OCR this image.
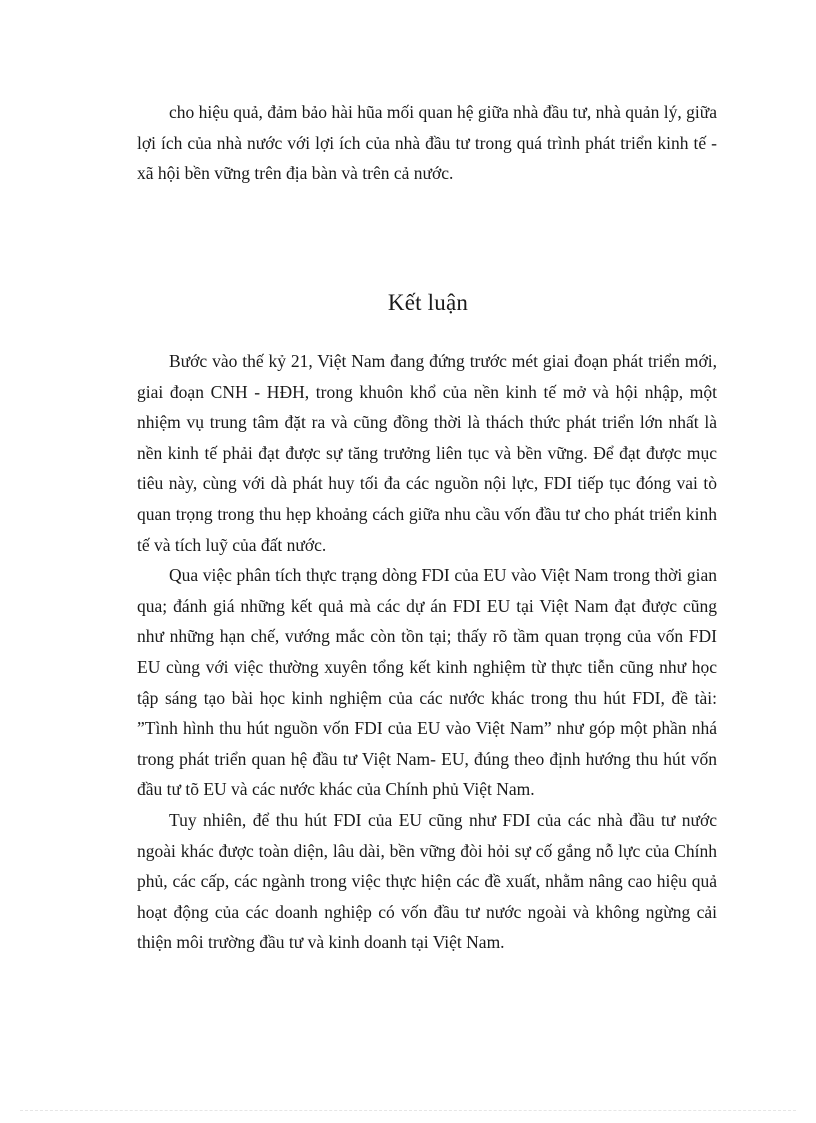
cho hiệu quả, đảm bảo hài hũa mối quan hệ giữa nhà đầu tư, nhà quản lý, giữa lợi ích của nhà nước với lợi ích của nhà đầu tư trong quá trình phát triển kinh tế - xã hội bền vững trên địa bàn và trên cả nước.

Kết luận

Bước vào thế kỷ 21, Việt Nam đang đứng trước mét giai đoạn phát triển mới, giai đoạn CNH - HĐH, trong khuôn khổ của nền kinh tế mở và hội nhập, một nhiệm vụ trung tâm đặt ra và cũng đồng thời là thách thức phát triển lớn nhất là nền kinh tế phải đạt được sự tăng trưởng liên tục và bền vững. Để đạt được mục tiêu này, cùng với dà phát huy tối đa các nguồn nội lực, FDI tiếp tục đóng vai tò quan trọng trong thu hẹp khoảng cách giữa nhu cầu vốn đầu tư cho phát triển kinh tế và tích luỹ của đất nước.

Qua việc phân tích thực trạng dòng FDI của EU vào Việt Nam trong thời gian qua; đánh giá những kết quả mà các dự án FDI EU tại Việt Nam đạt được cũng như những hạn chế, vướng mắc còn tồn tại; thấy rõ tầm quan trọng của vốn FDI EU cùng với việc thường xuyên tổng kết kinh nghiệm từ thực tiễn cũng như học tập sáng tạo bài học kinh nghiệm của các nước khác trong thu hút FDI, đề tài: ”Tình hình thu hút nguồn vốn FDI của EU vào Việt Nam” như góp một phần nhá trong phát triển quan hệ đầu tư Việt Nam- EU, đúng theo định hướng thu hút vốn đầu tư tõ EU và các nước khác của Chính phủ Việt Nam.

Tuy nhiên, để thu hút FDI của EU cũng như FDI của các nhà đầu tư nước ngoài khác được toàn diện, lâu dài, bền vững đòi hỏi sự cố gắng nỗ lực của Chính phủ, các cấp, các ngành trong việc thực hiện các đề xuất, nhằm nâng cao hiệu quả hoạt động của các doanh nghiệp có vốn đầu tư nước ngoài và không ngừng cải thiện môi trường đầu tư và kinh doanh tại Việt Nam.
